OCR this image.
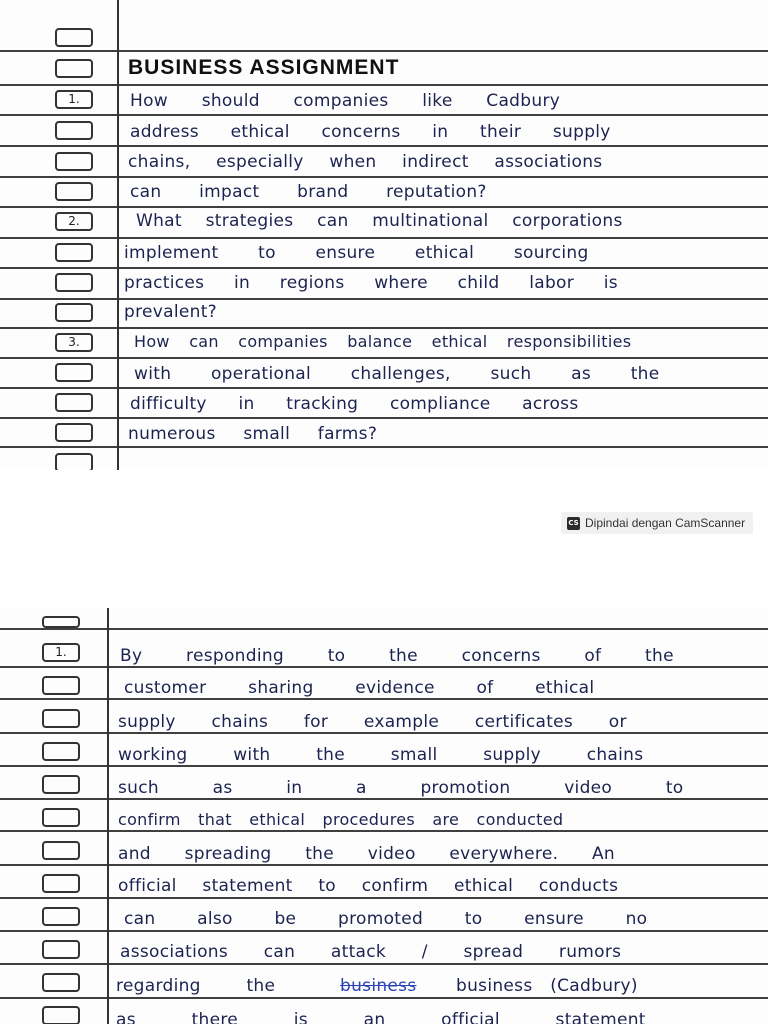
1.
2.
3.
BUSINESS ASSIGNMENT
How should companies like Cadbury
address ethical concerns in their supply
chains, especially when indirect associations
can impact brand reputation?
What strategies can multinational corporations
implement to ensure ethical sourcing
practices in regions where child labor is
prevalent?
How can companies balance ethical responsibilities
with operational challenges, such as the
difficulty in tracking compliance across
numerous small farms?
CS Dipindai dengan CamScanner
1.	By responding to the concerns of the
customer sharing evidence of ethical
supply chains for example certificates or
working with the small supply chains
such as in a promotion video to
confirm that ethical procedures are conducted
and spreading the video everywhere. An
official statement to confirm ethical conducts
can also be promoted to ensure no
associations can attack / spread rumors
regarding the	business business (Cadbury)
as there is an official statement
